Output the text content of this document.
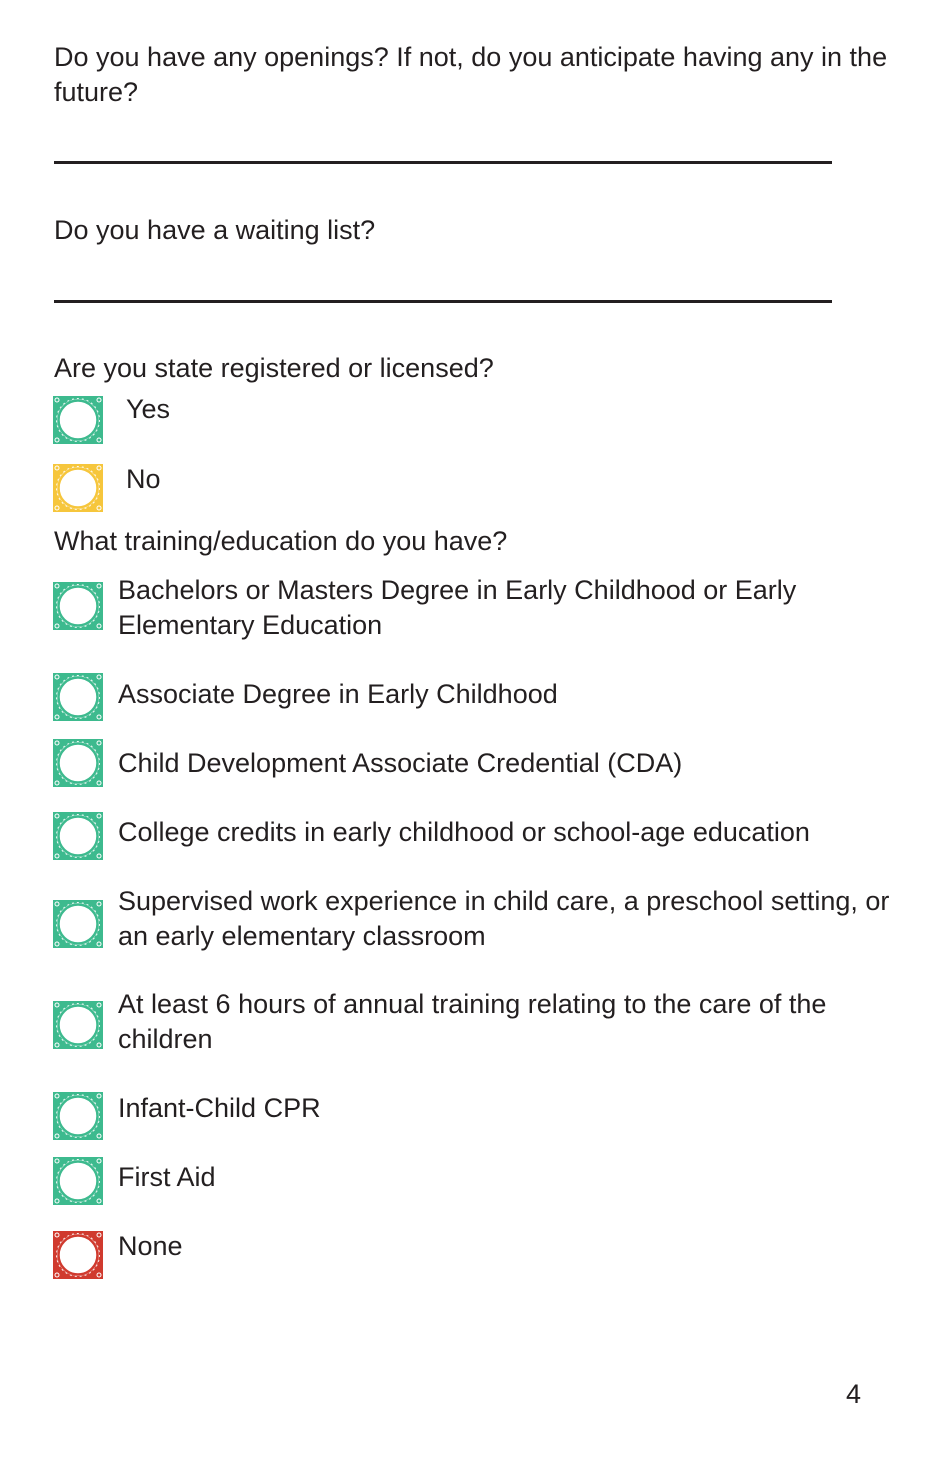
Do you have any openings? If not, do you anticipate having any in the future?

Do you have a waiting list?

Are you state registered or licensed?

Yes
No

What training/education do you have?

Bachelors or Masters Degree in Early Childhood or Early Elementary Education
Associate Degree in Early Childhood
Child Development Associate Credential (CDA)
College credits in early childhood or school-age education
Supervised work experience in child care, a preschool setting, or an early elementary classroom
At least 6 hours of annual training relating to the care of the children
Infant-Child CPR
First Aid
None
4
